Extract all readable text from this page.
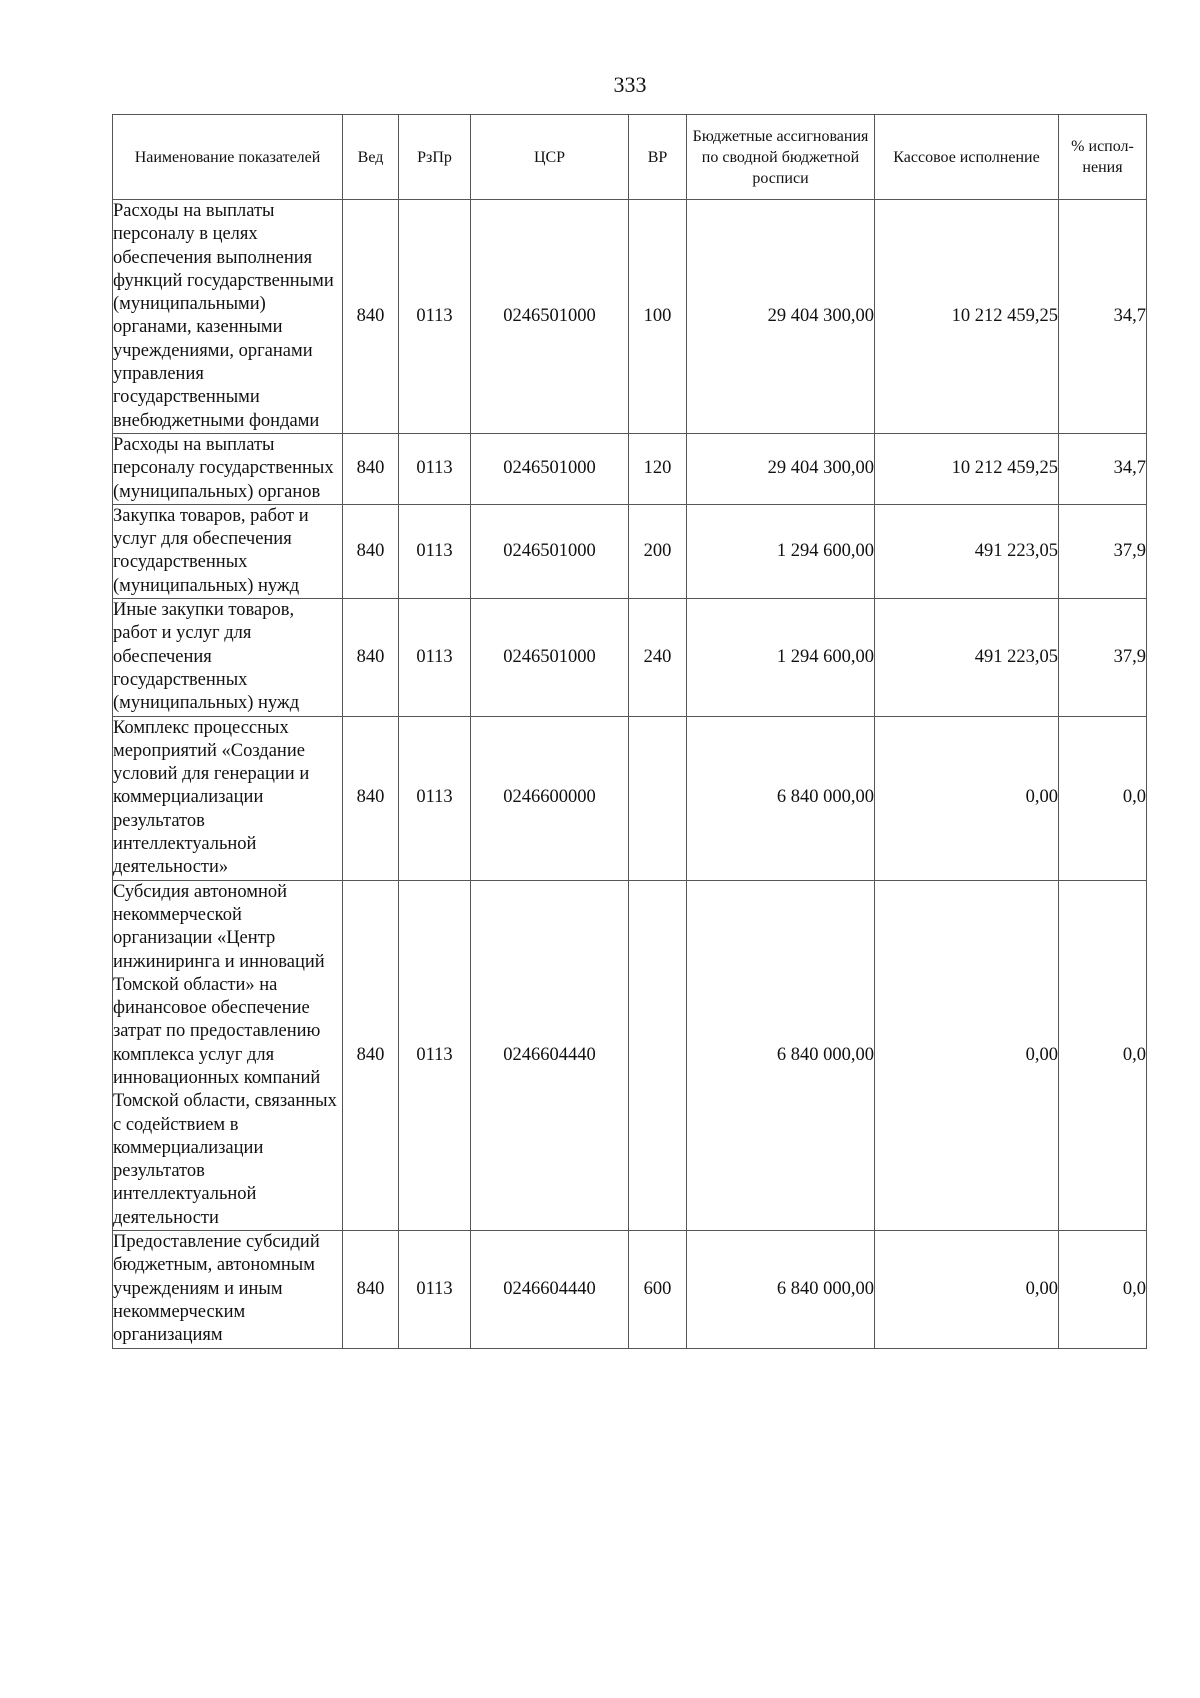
333
Наименование показателей	Вед	РзПр	ЦСР	ВР	Бюджетные ассигнования по сводной бюджетной росписи	Кассовое исполнение	% испол-нения
Расходы на выплаты персоналу в целях обеспечения выполнения функций государственными (муниципальными) органами, казенными учреждениями, органами управления государственными внебюджетными фондами	840	0113	0246501000	100	29 404 300,00	10 212 459,25	34,7
Расходы на выплаты персоналу государственных (муниципальных) органов	840	0113	0246501000	120	29 404 300,00	10 212 459,25	34,7
Закупка товаров, работ и услуг для обеспечения государственных (муниципальных) нужд	840	0113	0246501000	200	1 294 600,00	491 223,05	37,9
Иные закупки товаров, работ и услуг для обеспечения государственных (муниципальных) нужд	840	0113	0246501000	240	1 294 600,00	491 223,05	37,9
Комплекс процессных мероприятий «Создание условий для генерации и коммерциализации результатов интеллектуальной деятельности»	840	0113	0246600000		6 840 000,00	0,00	0,0
Субсидия автономной некоммерческой организации «Центр инжиниринга и инноваций Томской области» на финансовое обеспечение затрат по предоставлению комплекса услуг для инновационных компаний Томской области, связанных с содействием в коммерциализации результатов интеллектуальной деятельности	840	0113	0246604440		6 840 000,00	0,00	0,0
Предоставление субсидий бюджетным, автономным учреждениям и иным некоммерческим организациям	840	0113	0246604440	600	6 840 000,00	0,00	0,0
